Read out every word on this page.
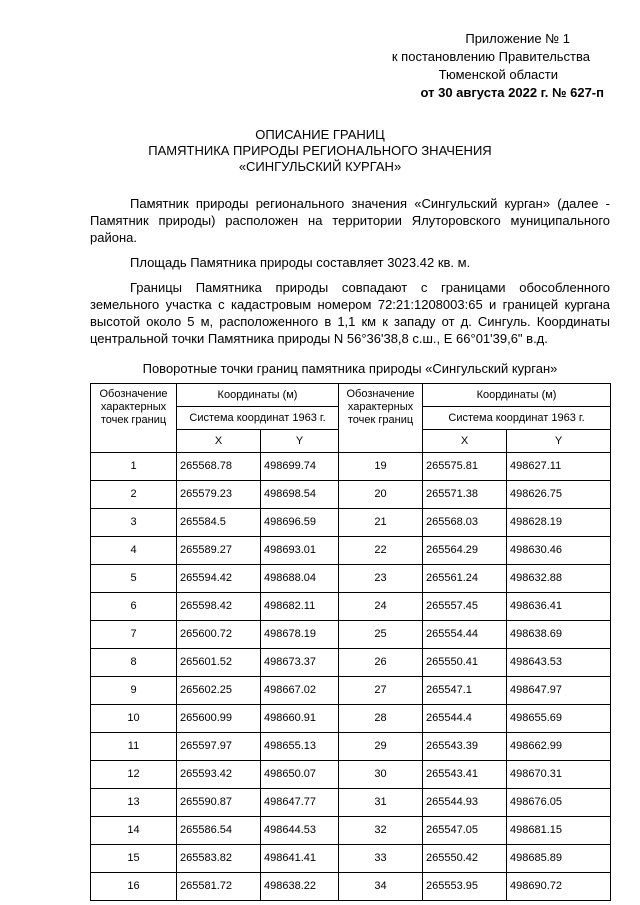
Приложение № 1
к постановлению Правительства
Тюменской области
от 30 августа 2022 г. № 627-п
ОПИСАНИЕ ГРАНИЦ
ПАМЯТНИКА ПРИРОДЫ РЕГИОНАЛЬНОГО ЗНАЧЕНИЯ
«СИНГУЛЬСКИЙ КУРГАН»

Памятник природы регионального значения «Сингульский курган» (далее - Памятник природы) расположен на территории Ялуторовского муниципального района.

Площадь Памятника природы составляет 3023.42 кв. м.

Границы Памятника природы совпадают с границами обособленного земельного участка с кадастровым номером 72:21:1208003:65 и границей кургана высотой около 5 м, расположенного в 1,1 км к западу от д. Сингуль. Координаты центральной точки Памятника природы N 56°36'38,8 с.ш., E 66°01'39,6" в.д.

Поворотные точки границ памятника природы «Сингульский курган»
Обозначение характерных точек границ	Координаты (м)		Обозначение характерных точек границ	Координаты (м)	
	Система координат 1963 г.			Система координат 1963 г.	
	X	Y		X	Y
1	265568.78	498699.74	19	265575.81	498627.11
2	265579.23	498698.54	20	265571.38	498626.75
3	265584.5	498696.59	21	265568.03	498628.19
4	265589.27	498693.01	22	265564.29	498630.46
5	265594.42	498688.04	23	265561.24	498632.88
6	265598.42	498682.11	24	265557.45	498636.41
7	265600.72	498678.19	25	265554.44	498638.69
8	265601.52	498673.37	26	265550.41	498643.53
9	265602.25	498667.02	27	265547.1	498647.97
10	265600.99	498660.91	28	265544.4	498655.69
11	265597.97	498655.13	29	265543.39	498662.99
12	265593.42	498650.07	30	265543.41	498670.31
13	265590.87	498647.77	31	265544.93	498676.05
14	265586.54	498644.53	32	265547.05	498681.15
15	265583.82	498641.41	33	265550.42	498685.89
16	265581.72	498638.22	34	265553.95	498690.72
